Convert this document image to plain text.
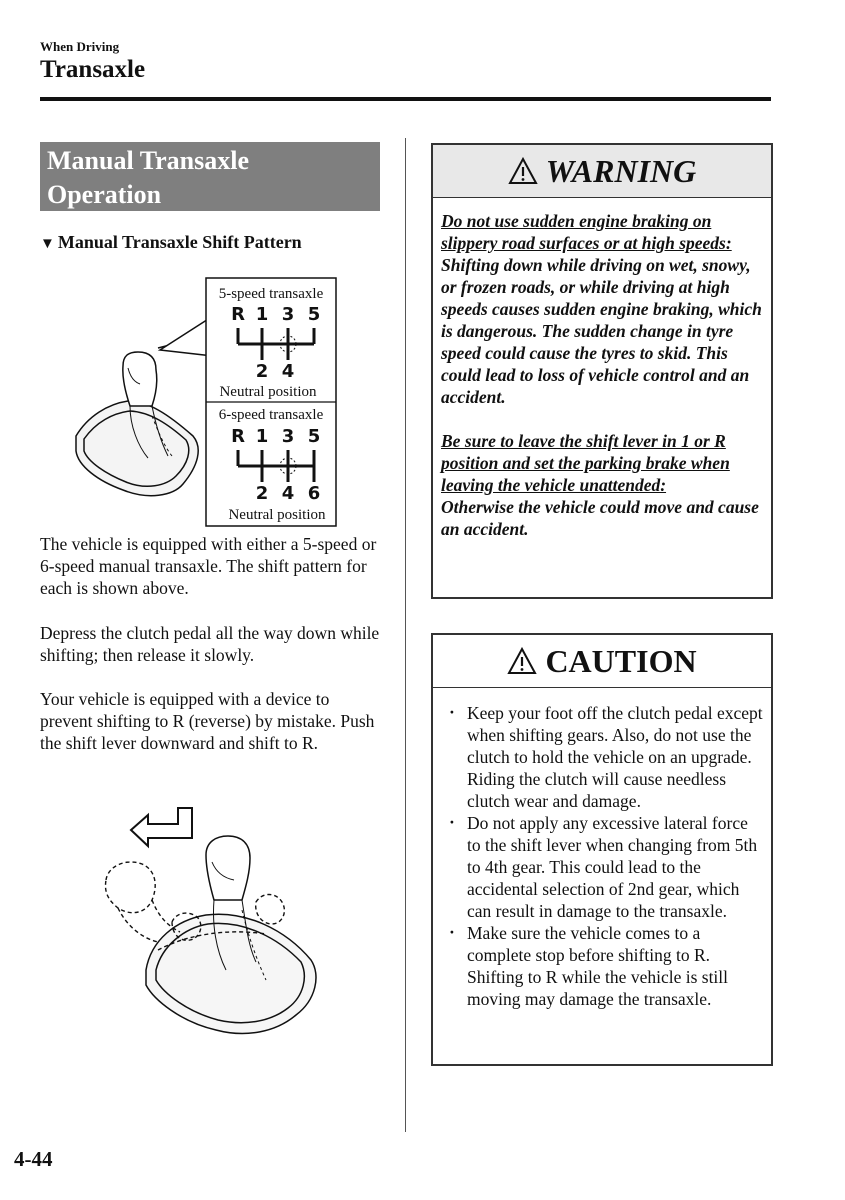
When Driving
Transaxle
Manual Transaxle
Operation
▼ Manual Transaxle Shift Pattern
5-speed transaxle
R 1 3 5
2 4
Neutral position
6-speed transaxle
R 1 3 5
2 4 6
Neutral position
The vehicle is equipped with either a 5-speed or 6-speed manual transaxle. The shift pattern for each is shown above.
Depress the clutch pedal all the way down while shifting; then release it slowly.
Your vehicle is equipped with a device to prevent shifting to R (reverse) by mistake. Push the shift lever downward and shift to R.
WARNING

Do not use sudden engine braking on slippery road surfaces or at high speeds:
Shifting down while driving on wet, snowy, or frozen roads, or while driving at high speeds causes sudden engine braking, which is dangerous. The sudden change in tyre speed could cause the tyres to skid. This could lead to loss of vehicle control and an accident.

Be sure to leave the shift lever in 1 or R position and set the parking brake when leaving the vehicle unattended:
Otherwise the vehicle could move and cause an accident.

CAUTION
· Keep your foot off the clutch pedal except when shifting gears. Also, do not use the clutch to hold the vehicle on an upgrade. Riding the clutch will cause needless clutch wear and damage.
· Do not apply any excessive lateral force to the shift lever when changing from 5th to 4th gear. This could lead to the accidental selection of 2nd gear, which can result in damage to the transaxle.
· Make sure the vehicle comes to a complete stop before shifting to R. Shifting to R while the vehicle is still moving may damage the transaxle.
4-44
